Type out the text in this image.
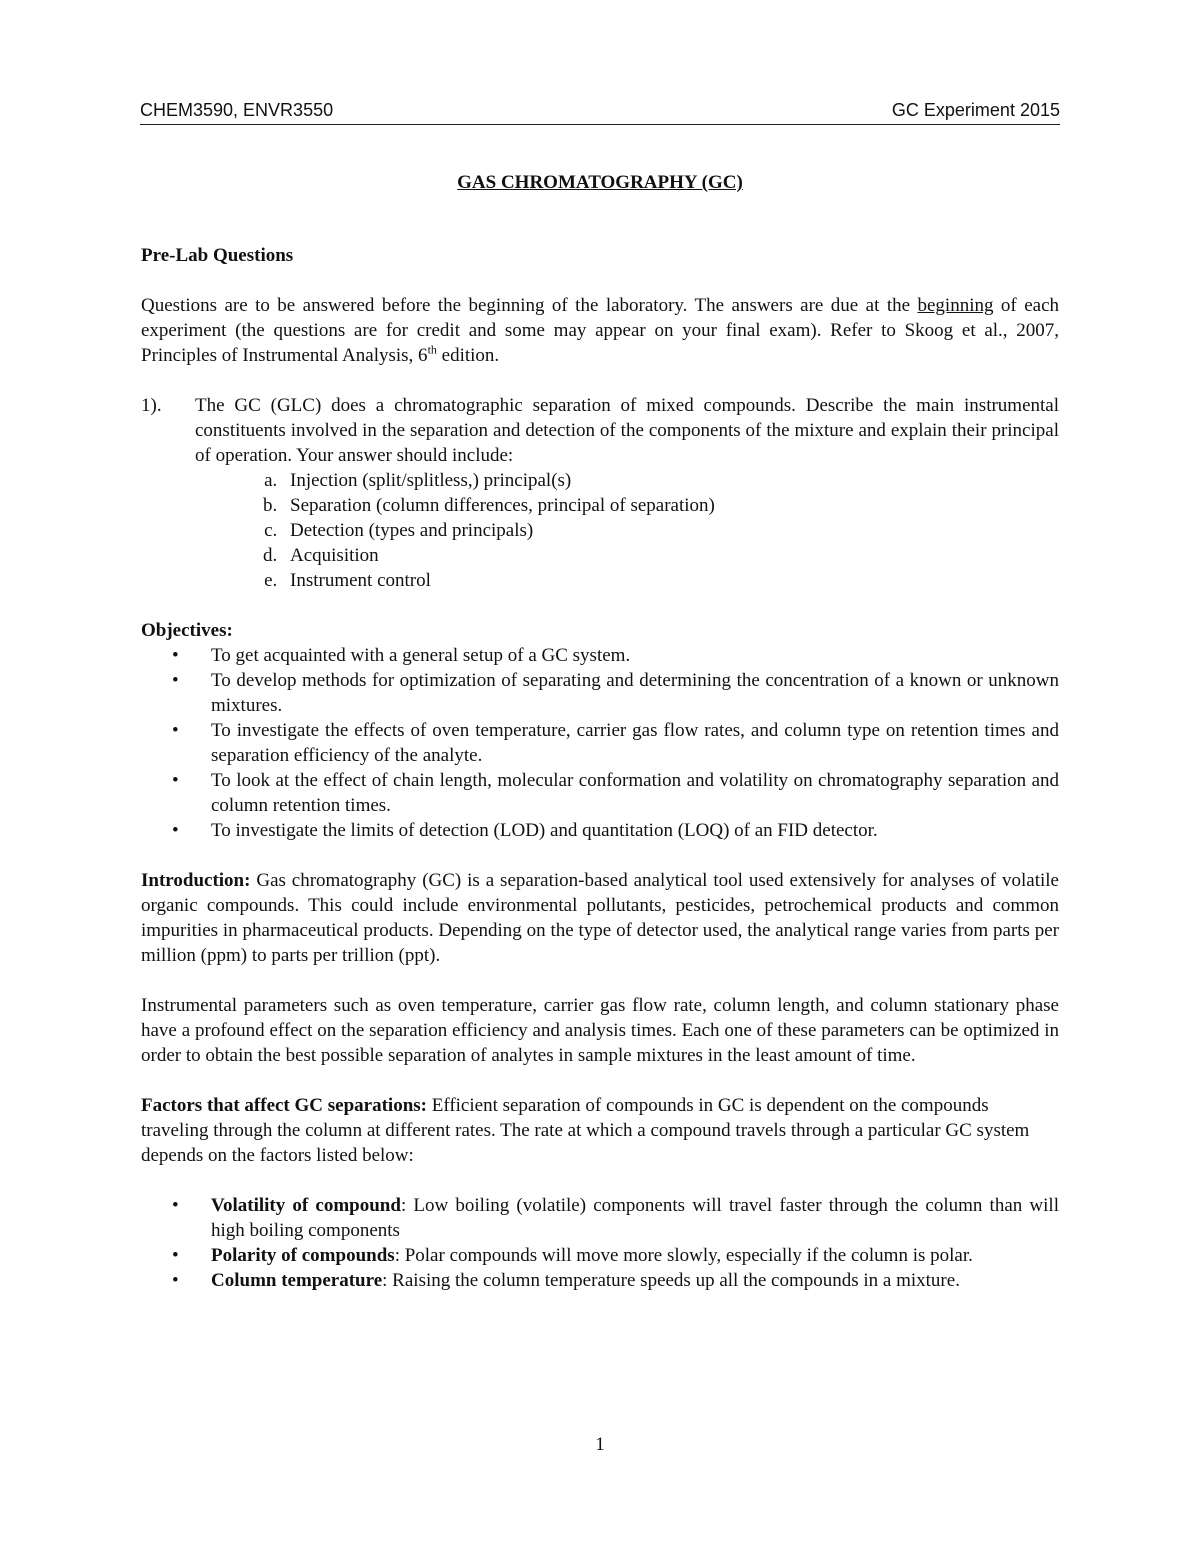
CHEM3590, ENVR3550	GC Experiment 2015

GAS CHROMATOGRAPHY (GC)

Pre-Lab Questions

Questions are to be answered before the beginning of the laboratory. The answers are due at the beginning of each experiment (the questions are for credit and some may appear on your final exam). Refer to Skoog et al., 2007, Principles of Instrumental Analysis, 6th edition.

1).	The GC (GLC) does a chromatographic separation of mixed compounds. Describe the main instrumental constituents involved in the separation and detection of the components of the mixture and explain their principal of operation. Your answer should include:
a. Injection (split/splitless,) principal(s)
b. Separation (column differences, principal of separation)
c. Detection (types and principals)
d. Acquisition
e. Instrument control

Objectives:

• To get acquainted with a general setup of a GC system.
• To develop methods for optimization of separating and determining the concentration of a known or unknown mixtures.
• To investigate the effects of oven temperature, carrier gas flow rates, and column type on retention times and separation efficiency of the analyte.
• To look at the effect of chain length, molecular conformation and volatility on chromatography separation and column retention times.
• To investigate the limits of detection (LOD) and quantitation (LOQ) of an FID detector.

Introduction: Gas chromatography (GC) is a separation-based analytical tool used extensively for analyses of volatile organic compounds. This could include environmental pollutants, pesticides, petrochemical products and common impurities in pharmaceutical products. Depending on the type of detector used, the analytical range varies from parts per million (ppm) to parts per trillion (ppt).

Instrumental parameters such as oven temperature, carrier gas flow rate, column length, and column stationary phase have a profound effect on the separation efficiency and analysis times. Each one of these parameters can be optimized in order to obtain the best possible separation of analytes in sample mixtures in the least amount of time.

Factors that affect GC separations: Efficient separation of compounds in GC is dependent on the compounds traveling through the column at different rates. The rate at which a compound travels through a particular GC system depends on the factors listed below:

• Volatility of compound: Low boiling (volatile) components will travel faster through the column than will high boiling components
• Polarity of compounds: Polar compounds will move more slowly, especially if the column is polar.
• Column temperature: Raising the column temperature speeds up all the compounds in a mixture.
1
